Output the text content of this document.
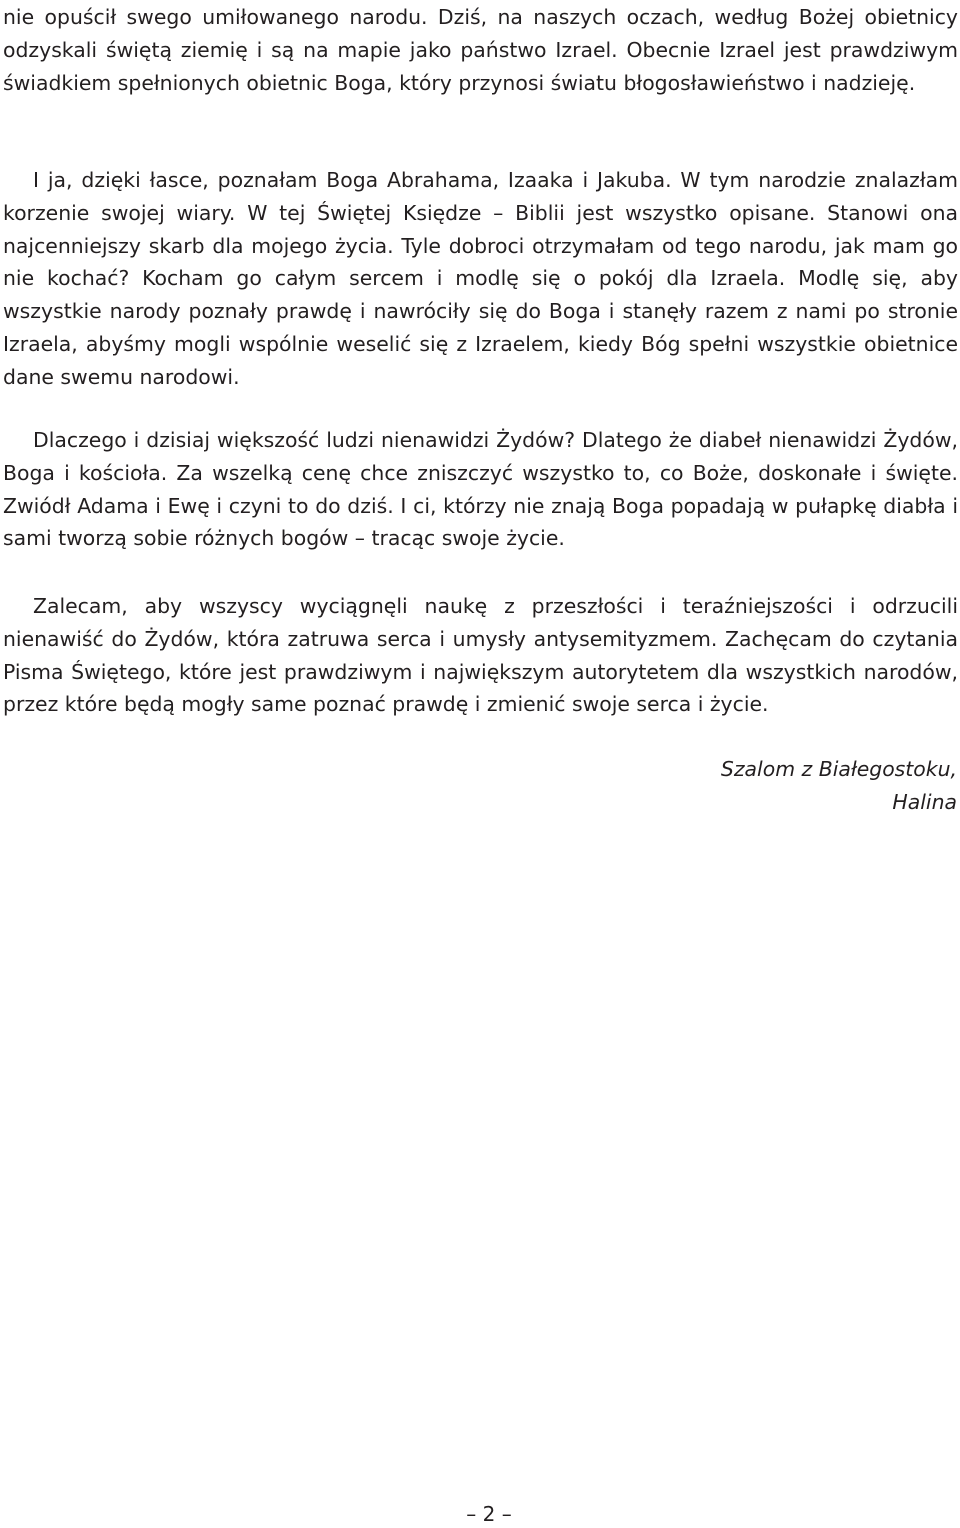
nie opuścił swego umiłowanego narodu. Dziś, na naszych oczach, według Bożej obietnicy odzyskali świętą ziemię i są na mapie jako państwo Izrael. Obecnie Izrael jest prawdziwym świadkiem spełnionych obietnic Boga, który przynosi światu błogosławieństwo i nadzieję.

I ja, dzięki łasce, poznałam Boga Abrahama, Izaaka i Jakuba. W tym narodzie znalazłam korzenie swojej wiary. W tej Świętej Księdze – Biblii jest wszystko opisane. Stanowi ona najcenniejszy skarb dla mojego życia. Tyle dobroci otrzymałam od tego narodu, jak mam go nie kochać? Kocham go całym sercem i modlę się o pokój dla Izraela. Modlę się, aby wszystkie narody poznały prawdę i nawróciły się do Boga i stanęły razem z nami po stronie Izraela, abyśmy mogli wspólnie weselić się z Izraelem, kiedy Bóg spełni wszystkie obietnice dane swemu narodowi.

Dlaczego i dzisiaj większość ludzi nienawidzi Żydów? Dlatego że diabeł nienawidzi Żydów, Boga i kościoła. Za wszelką cenę chce zniszczyć wszystko to, co Boże, doskonałe i święte. Zwiódł Adama i Ewę i czyni to do dziś. I ci, którzy nie znają Boga popadają w pułapkę diabła i sami tworzą sobie różnych bogów – tracąc swoje życie.

Zalecam, aby wszyscy wyciągnęli naukę z przeszłości i teraźniejszości i odrzucili nienawiść do Żydów, która zatruwa serca i umysły antysemityzmem. Zachęcam do czytania Pisma Świętego, które jest prawdziwym i największym autorytetem dla wszystkich narodów, przez które będą mogły same poznać prawdę i zmienić swoje serca i życie.

Szalom z Białegostoku,
Halina

– 2 –
